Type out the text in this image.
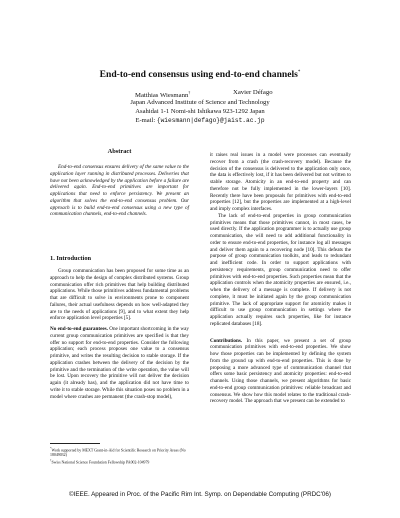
End-to-end consensus using end-to-end channels*
Matthias Wiesmann†	Xavier Défago
Japan Advanced Institute of Science and Technology
Asahidai 1-1 Nomi-shi Ishikawa 923-1292 Japan
E-mail: {wiesmann|defago}@jaist.ac.jp
Abstract

End-to-end consensus ensures delivery of the same value to the application layer running in distributed processes. Deliveries that have not been acknowledged by the application before a failure are delivered again. End-to-end primitives are important for applications that need to enforce persistency. We present an algorithm that solves the end-to-end consensus problem. Our approach is to build end-to-end consensus using a new type of communication channels, end-to-end channels.

1. Introduction

Group communication has been proposed for some time as an approach to help the design of complex distributed systems. Group communication offer rich primitives that help building distributed applications. While those primitives address fundamental problems that are difficult to solve in environments prone to component failures, their actual usefulness depends on how well-adapted they are to the needs of applications [9], and to what extent they help enforce application level properties [5].

No end-to-end guarantees. One important shortcoming in the way current group communication primitives are specified is that they offer no support for end-to-end properties. Consider the following application; each process proposes one value to a consensus primitive, and writes the resulting decision to stable storage. If the application crashes between the delivery of the decision by the primitive and the termination of the write operation, the value will be lost. Upon recovery the primitive will not deliver the decision again (it already has), and the application did not have time to write it to stable storage. While this situation poses no problem in a model where crashes are permanent (the crash-stop model),

it raises real issues in a model were processes can eventually recover from a crash (the crash-recovery model). Because the decision of the consensus is delivered to the application only once, the data is effectively lost, if it has been delivered but not written to stable storage. Atomicity in an end-to-end property and can therefore not be fully implemented in the lower-layers [10]. Recently there have been proposals for primitives with end-to-end properties [12], but the properties are implemented at a high-level and imply complex interfaces.

The lack of end-to-end properties in group communication primitives means that those primitives cannot, in most cases, be used directly. If the application programmer is to actually use group communication, she will need to add additional functionality in order to ensure end-to-end properties, for instance log all messages and deliver them again to a recovering node [10]. This defeats the purpose of group communication toolkits, and leads to redundant and inefficient code. In order to support applications with persistency requirements, group communication need to offer primitives with end-to-end properties. Such properties mean that the application controls when the atomicity properties are ensured, i.e., when the delivery of a message is complete. If delivery is not complete, it must be initiated again by the group communication primitive. The lack of appropriate support for atomicity makes it difficult to use group communication in settings where the application actually requires such properties, like for instance replicated databases [18].

Contributions. In this paper, we present a set of group communication primitives with end-to-end properties. We show how those properties can be implemented by defining the system from the ground up with end-to-end properties. This is done by proposing a more advanced type of communication channel that offers some basic persistency and atomicity properties: end-to-end channels. Using those channels, we present algorithms for basic end-to-end group communication primitives: reliable broadcast and consensus. We show how this model relates to the traditional crash-recovery model. The approach that we present can be extended to

*Work supported by MEXT Grant-in-Aid for Scientific Research on Priority Areas (No 18049032)
†Swiss National Science Foundation Fellowship PA002-104979
©IEEE. Appeared in Proc. of the Pacific Rim Int. Symp. on Dependable Computing (PRDC'06)
